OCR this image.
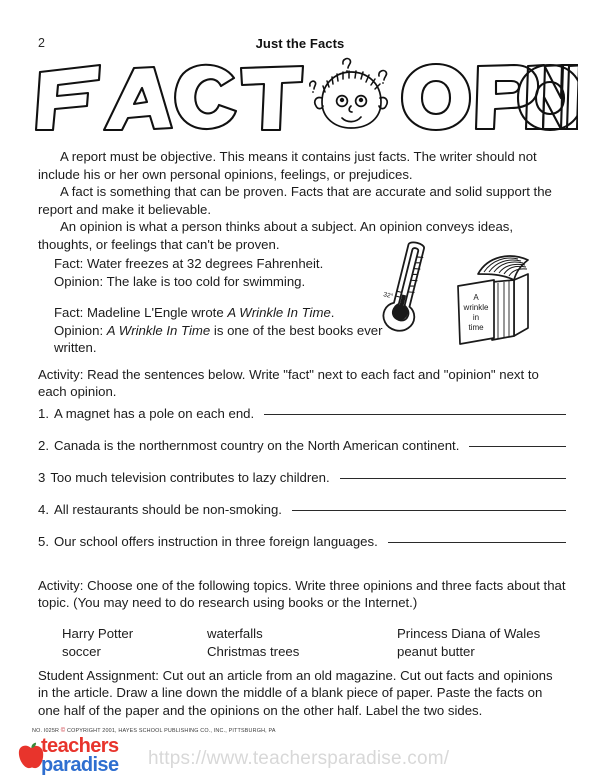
2	Just the Facts

A report must be objective. This means it contains just facts. The writer should not include his or her own personal opinions, feelings, or prejudices.

A fact is something that can be proven. Facts that are accurate and solid support the report and make it believable.

An opinion is what a person thinks about a subject. An opinion conveys ideas, thoughts, or feelings that can't be proven.

Fact: Water freezes at 32 degrees Fahrenheit.
Opinion: The lake is too cold for swimming.
Fact: Madeline L'Engle wrote A Wrinkle In Time.
Opinion: A Wrinkle In Time is one of the best books ever written.
32°	A
wrinkle
in
time
Activity: Read the sentences below. Write "fact" next to each fact and "opinion" next to each opinion.
1. A magnet has a pole on each end.
2. Canada is the northernmost country on the North American continent.
3 Too much television contributes to lazy children.
4. All restaurants should be non-smoking.
5. Our school offers instruction in three foreign languages.
Activity: Choose one of the following topics. Write three opinions and three facts about that topic. (You may need to do research using books or the Internet.)
Harry Potter	waterfalls	Princess Diana of Wales
soccer	Christmas trees	peanut butter
Student Assignment: Cut out an article from an old magazine. Cut out facts and opinions in the article. Draw a line down the middle of a blank piece of paper. Paste the facts on one half of the paper and the opinions on the other half. Label the two sides.
NO. I025R © COPYRIGHT 2001, HAYES SCHOOL PUBLISHING CO., INC., PITTSBURGH, PA
teachers
paradise https://www.teachersparadise.com/
